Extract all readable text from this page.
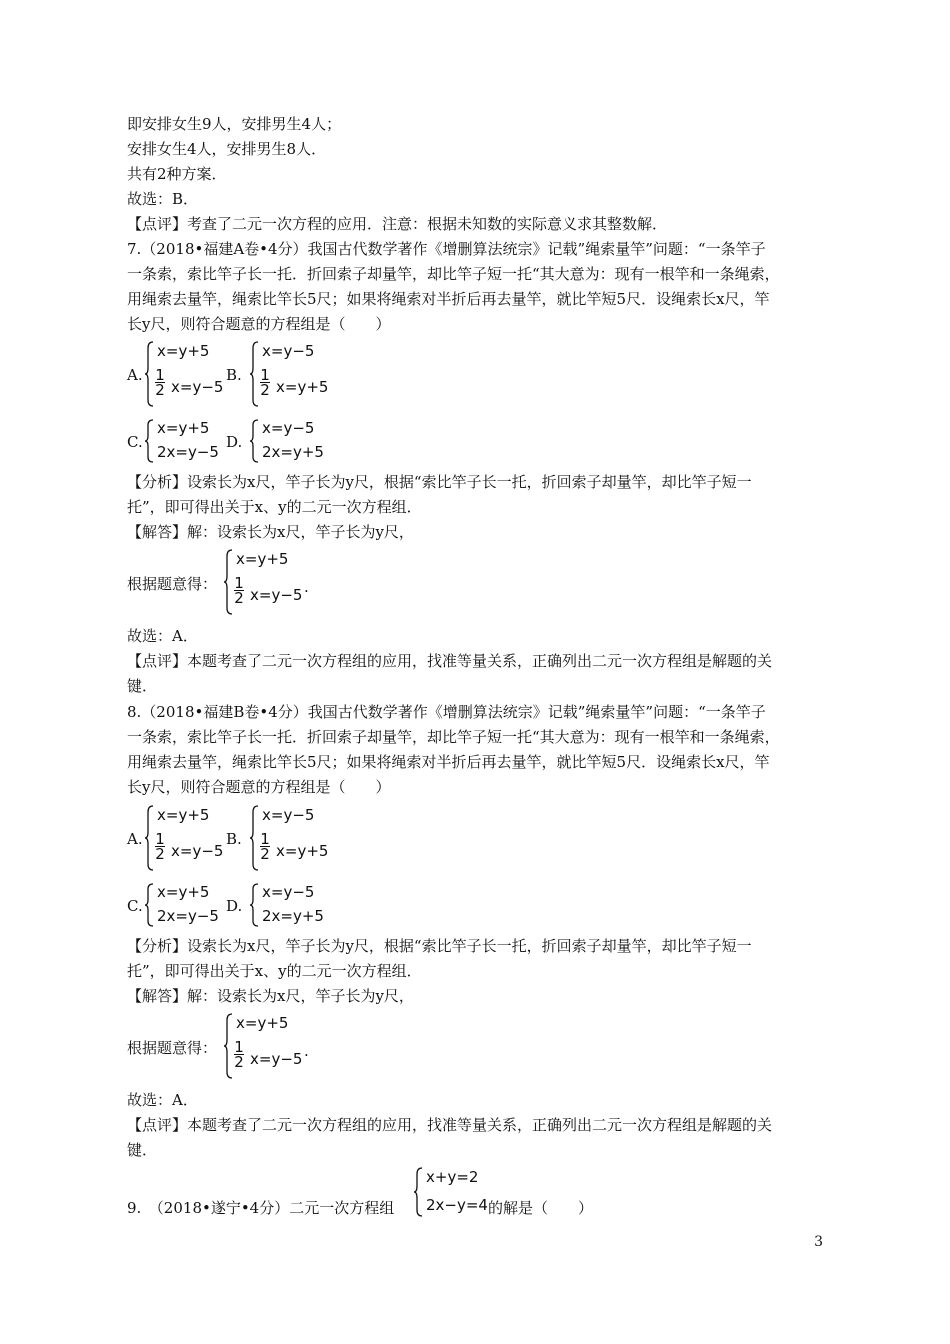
即安排女生9人，安排男生4人；
安排女生4人，安排男生8人．
共有2种方案．
故选：B．
【点评】考查了二元一次方程的应用．注意：根据未知数的实际意义求其整数解．
7.（2018•福建A卷•4分）我国古代数学著作《增删算法统宗》记载”绳索量竿”问题：“一条竿子
一条索，索比竿子长一托．折回索子却量竿，却比竿子短一托“其大意为：现有一根竿和一条绳索，
用绳索去量竿，绳索比竿长5尺；如果将绳索对半折后再去量竿，就比竿短5尺．设绳索长x尺，竿
长y尺，则符合题意的方程组是（　　）
A.
x=y+5
$\frac{1}{2} x=y-5$
B.
x=y−5
$\frac{1}{2} x=y+5$
C.
x=y+5
2x=y−5
D.
x=y−5
2x=y+5
【分析】设索长为x尺，竿子长为y尺，根据“索比竿子长一托，折回索子却量竿，却比竿子短一
托”，即可得出关于x、y的二元一次方程组．
【解答】解：设索长为x尺，竿子长为y尺，
根据题意得：
x=y+5
$\frac{1}{2} x=y-5$ .
故选：A．
【点评】本题考查了二元一次方程组的应用，找准等量关系，正确列出二元一次方程组是解题的关
键．
8.（2018•福建B卷•4分）我国古代数学著作《增删算法统宗》记载”绳索量竿”问题：“一条竿子
一条索，索比竿子长一托．折回索子却量竿，却比竿子短一托“其大意为：现有一根竿和一条绳索，
用绳索去量竿，绳索比竿长5尺；如果将绳索对半折后再去量竿，就比竿短5尺．设绳索长x尺，竿
长y尺，则符合题意的方程组是（　　）
A.
x=y+5
$\frac{1}{2} x=y-5$
B.
x=y−5
$\frac{1}{2} x=y+5$
C.
x=y+5
2x=y−5
D.
x=y−5
2x=y+5
【分析】设索长为x尺，竿子长为y尺，根据“索比竿子长一托，折回索子却量竿，却比竿子短一
托”，即可得出关于x、y的二元一次方程组．
【解答】解：设索长为x尺，竿子长为y尺，
根据题意得：
x=y+5
$\frac{1}{2} x=y-5$ .
故选：A．
【点评】本题考查了二元一次方程组的应用，找准等量关系，正确列出二元一次方程组是解题的关
键．
9.　（2018•遂宁•4分）二元一次方程组
x+y=2
2x−y=4 的解是（　　）
3
